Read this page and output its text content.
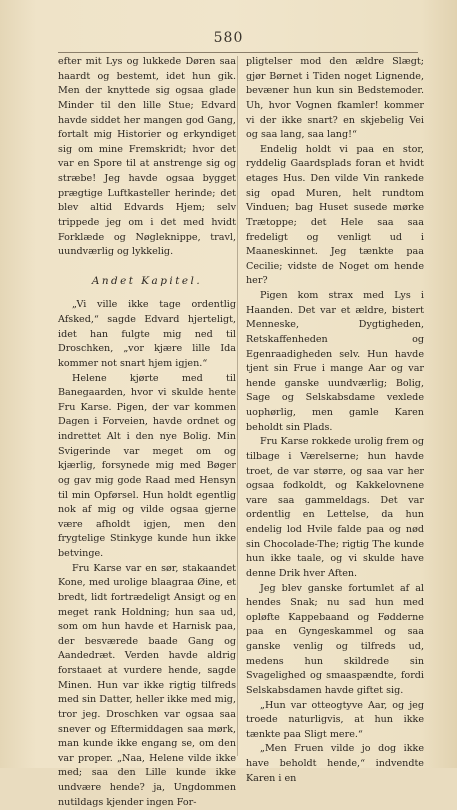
580

efter mit Lys og lukkede Døren saa haardt og bestemt, idet hun gik. Men der knyttede sig ogsaa glade Minder til den lille Stue; Edvard havde siddet her mangen god Gang, fortalt mig Historier og erkyndiget sig om mine Fremskridt; hvor det var en Spore til at anstrenge sig og stræbe! Jeg havde ogsaa bygget prægtige Luftkasteller herinde; det blev altid Edvards Hjem; selv trippede jeg om i det med hvidt Forklæde og Nøgleknippe, travl, uundværlig og lykkelig.

Andet Kapitel.

„Vi ville ikke tage ordentlig Afsked,“ sagde Edvard hjerteligt, idet han fulgte mig ned til Droschken, „vor kjære lille Ida kommer not snart hjem igjen.“

Helene kjørte med til Banegaarden, hvor vi skulde hente Fru Karse. Pigen, der var kommen Dagen i Forveien, havde ordnet og indrettet Alt i den nye Bolig. Min Svigerinde var meget om og kjærlig, forsynede mig med Bøger og gav mig gode Raad med Hensyn til min Opførsel. Hun holdt egentlig nok af mig og vilde ogsaa gjerne være afholdt igjen, men den frygtelige Stinkyge kunde hun ikke betvinge.

Fru Karse var en sør, stakaandet Kone, med urolige blaagraa Øine, et bredt, lidt fortrædeligt Ansigt og en meget rank Holdning; hun saa ud, som om hun havde et Harnisk paa, der besværede baade Gang og Aandedræt. Verden havde aldrig forstaaet at vurdere hende, sagde Minen. Hun var ikke rigtig tilfreds med sin Datter, heller ikke med mig, tror jeg. Droschken var ogsaa saa snever og Eftermiddagen saa mørk, man kunde ikke engang se, om den var proper. „Naa, Helene vilde ikke med; saa den Lille kunde ikke undvære hende? ja, Ungdommen nutildags kjender ingen For-

pligtelser mod den ældre Slægt; gjør Børnet i Tiden noget Lignende, bevæner hun kun sin Bedstemoder. Uh, hvor Vognen fkamler! kommer vi der ikke snart? en skjebelig Vei og saa lang, saa lang!“

Endelig holdt vi paa en stor, ryddelig Gaardsplads foran et hvidt etages Hus. Den vilde Vin rankede sig opad Muren, helt rundtom Vinduen; bag Huset susede mørke Trætoppe; det Hele saa saa fredeligt og venligt ud i Maaneskinnet. Jeg tænkte paa Cecilie; vidste de Noget om hende her?

Pigen kom strax med Lys i Haanden. Det var et ældre, bistert Menneske, Dygtigheden, Retskaffenheden og Egenraadigheden selv. Hun havde tjent sin Frue i mange Aar og var hende ganske uundværlig; Bolig, Sage og Selskabsdame vexlede uophørlig, men gamle Karen beholdt sin Plads.

Fru Karse rokkede urolig frem og tilbage i Værelserne; hun havde troet, de var større, og saa var her ogsaa fodkoldt, og Kakkelovnene vare saa gammeldags. Det var ordentlig en Lettelse, da hun endelig lod Hvile falde paa og nød sin Chocolade-The; rigtig The kunde hun ikke taale, og vi skulde have denne Drik hver Aften.

Jeg blev ganske fortumlet af al hendes Snak; nu sad hun med opløfte Kappebaand og Fødderne paa en Gyngeskammel og saa ganske venlig og tilfreds ud, medens hun skildrede sin Svagelighed og smaaspændte, fordi Selskabsdamen havde giftet sig.

„Hun var otteogtyve Aar, og jeg troede naturligvis, at hun ikke tænkte paa Sligt mere.“

„Men Fruen vilde jo dog ikke have beholdt hende,“ indvendte Karen i en
